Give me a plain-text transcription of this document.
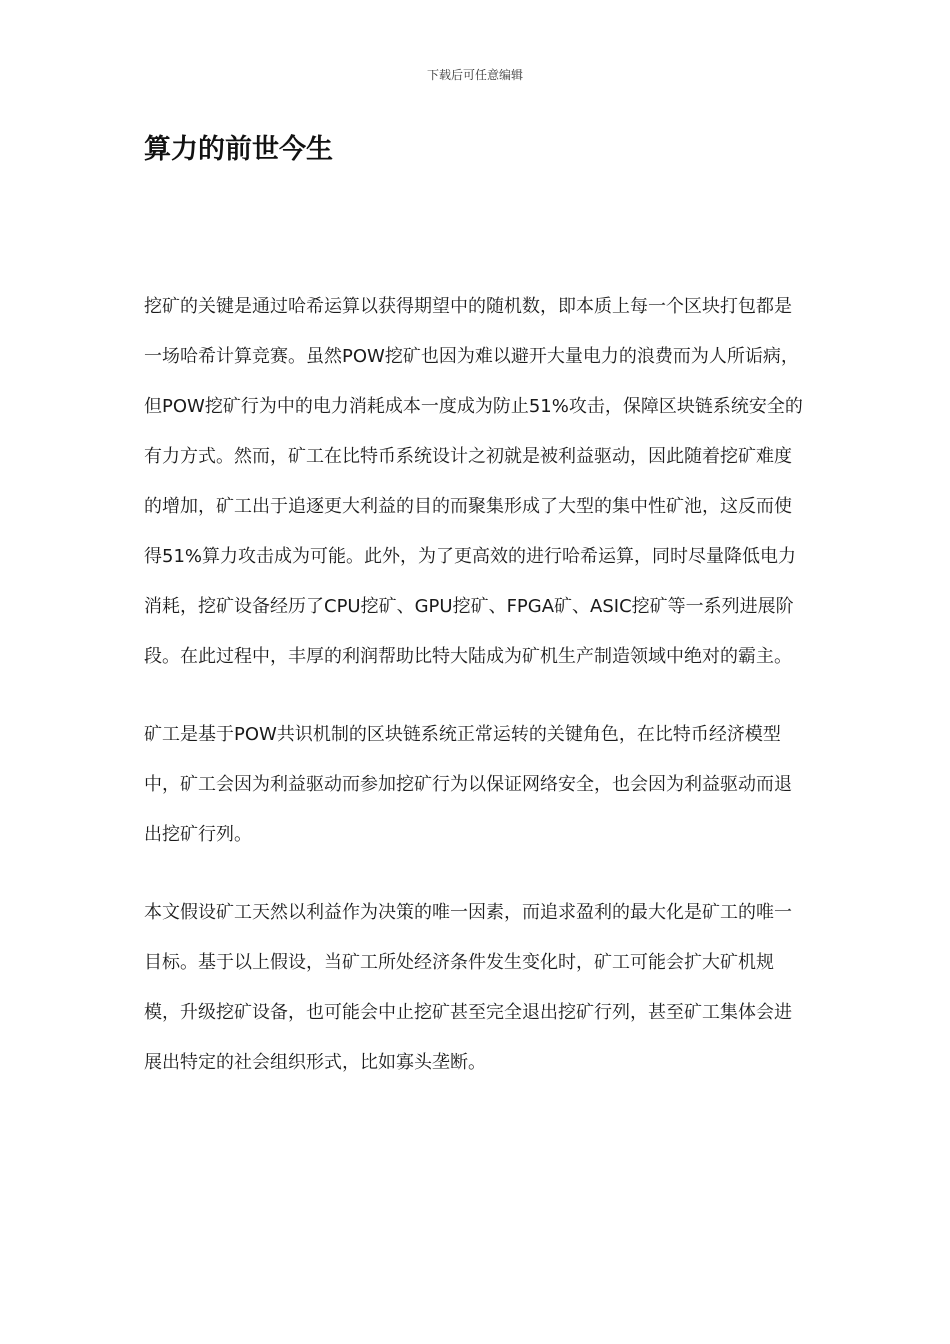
下载后可任意编辑
算力的前世今生

挖矿的关键是通过哈希运算以获得期望中的随机数，即本质上每一个区块打包都是一场哈希计算竞赛。虽然POW挖矿也因为难以避开大量电力的浪费而为人所诟病，但POW挖矿行为中的电力消耗成本一度成为防止51%攻击，保障区块链系统安全的有力方式。然而，矿工在比特币系统设计之初就是被利益驱动，因此随着挖矿难度的增加，矿工出于追逐更大利益的目的而聚集形成了大型的集中性矿池，这反而使得51%算力攻击成为可能。此外，为了更高效的进行哈希运算，同时尽量降低电力消耗，挖矿设备经历了CPU挖矿、GPU挖矿、FPGA矿、ASIC挖矿等一系列进展阶段。在此过程中，丰厚的利润帮助比特大陆成为矿机生产制造领域中绝对的霸主。

矿工是基于POW共识机制的区块链系统正常运转的关键角色，在比特币经济模型中，矿工会因为利益驱动而参加挖矿行为以保证网络安全，也会因为利益驱动而退出挖矿行列。

本文假设矿工天然以利益作为决策的唯一因素，而追求盈利的最大化是矿工的唯一目标。基于以上假设，当矿工所处经济条件发生变化时，矿工可能会扩大矿机规模，升级挖矿设备，也可能会中止挖矿甚至完全退出挖矿行列，甚至矿工集体会进展出特定的社会组织形式，比如寡头垄断。
